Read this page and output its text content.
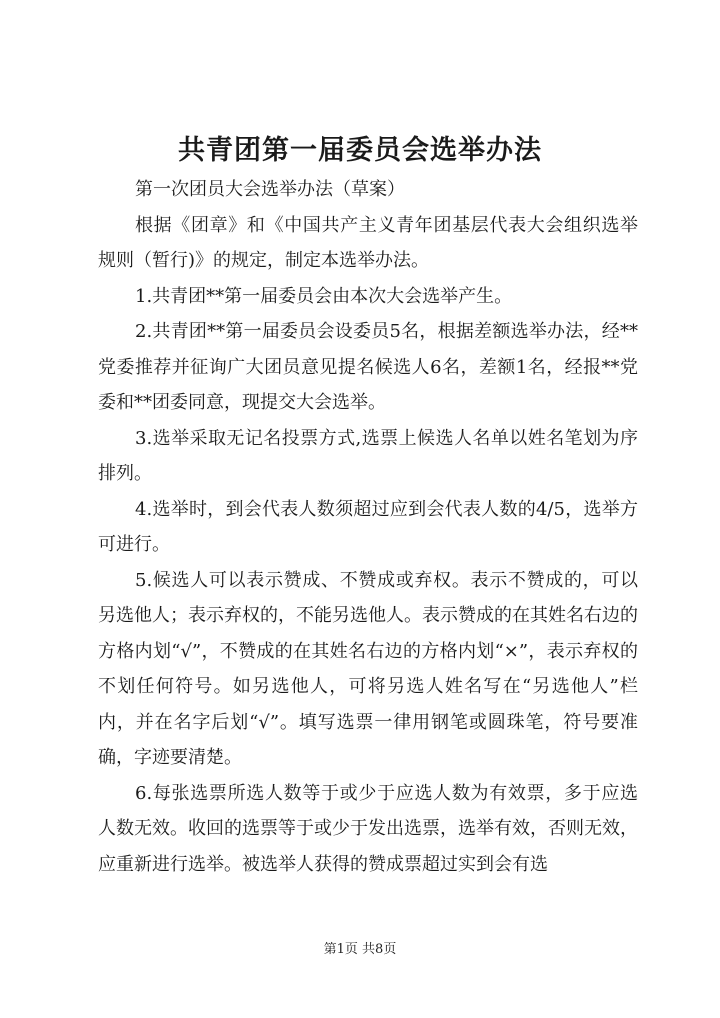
共青团第一届委员会选举办法

第一次团员大会选举办法（草案）

根据《团章》和《中国共产主义青年团基层代表大会组织选举规则（暂行)》的规定，制定本选举办法。

1.共青团**第一届委员会由本次大会选举产生。

2.共青团**第一届委员会设委员5名，根据差额选举办法，经**党委推荐并征询广大团员意见提名候选人6名，差额1名，经报**党委和**团委同意，现提交大会选举。

3.选举采取无记名投票方式,选票上候选人名单以姓名笔划为序排列。

4.选举时，到会代表人数须超过应到会代表人数的4/5，选举方可进行。

5.候选人可以表示赞成、不赞成或弃权。表示不赞成的，可以另选他人；表示弃权的，不能另选他人。表示赞成的在其姓名右边的方格内划“√”，不赞成的在其姓名右边的方格内划“×”，表示弃权的不划任何符号。如另选他人，可将另选人姓名写在“另选他人”栏内，并在名字后划“√”。填写选票一律用钢笔或圆珠笔，符号要准确，字迹要清楚。

6.每张选票所选人数等于或少于应选人数为有效票，多于应选人数无效。收回的选票等于或少于发出选票，选举有效，否则无效，应重新进行选举。被选举人获得的赞成票超过实到会有选

第1页 共8页
